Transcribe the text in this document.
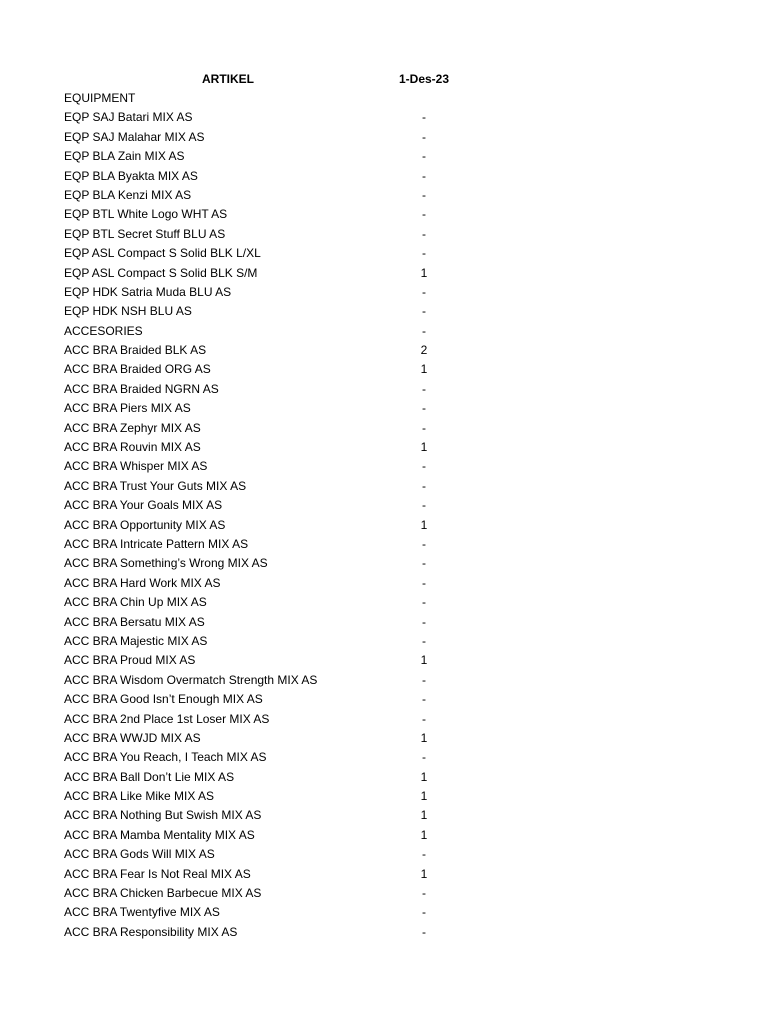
ARTIKEL	1-Des-23
EQUIPMENT
EQP SAJ Batari MIX AS	-
EQP SAJ Malahar MIX AS	-
EQP BLA Zain MIX AS	-
EQP BLA Byakta MIX AS	-
EQP BLA Kenzi MIX AS	-
EQP BTL White Logo WHT AS	-
EQP BTL Secret Stuff BLU AS	-
EQP ASL Compact S Solid BLK L/XL	-
EQP ASL Compact S Solid BLK S/M	1
EQP HDK Satria Muda BLU AS	-
EQP HDK NSH BLU AS	-
ACCESORIES	-
ACC BRA Braided BLK AS	2
ACC BRA Braided ORG AS	1
ACC BRA Braided NGRN AS	-
ACC BRA Piers MIX AS	-
ACC BRA Zephyr MIX AS	-
ACC BRA Rouvin MIX AS	1
ACC BRA Whisper MIX AS	-
ACC BRA Trust Your Guts MIX AS	-
ACC BRA Your Goals MIX AS	-
ACC BRA Opportunity MIX AS	1
ACC BRA Intricate Pattern MIX AS	-
ACC BRA Something’s Wrong MIX AS	-
ACC BRA Hard Work MIX AS	-
ACC BRA Chin Up MIX AS	-
ACC BRA Bersatu MIX AS	-
ACC BRA Majestic MIX AS	-
ACC BRA Proud MIX AS	1
ACC BRA Wisdom Overmatch Strength MIX AS	-
ACC BRA Good Isn’t Enough MIX AS	-
ACC BRA 2nd Place 1st Loser MIX AS	-
ACC BRA WWJD MIX AS	1
ACC BRA You Reach, I Teach MIX AS	-
ACC BRA Ball Don’t Lie MIX AS	1
ACC BRA Like Mike MIX AS	1
ACC BRA Nothing But Swish MIX AS	1
ACC BRA Mamba Mentality MIX AS	1
ACC BRA Gods Will MIX AS	-
ACC BRA Fear Is Not Real MIX AS	1
ACC BRA Chicken Barbecue MIX AS	-
ACC BRA Twentyfive MIX AS	-
ACC BRA Responsibility MIX AS	-
